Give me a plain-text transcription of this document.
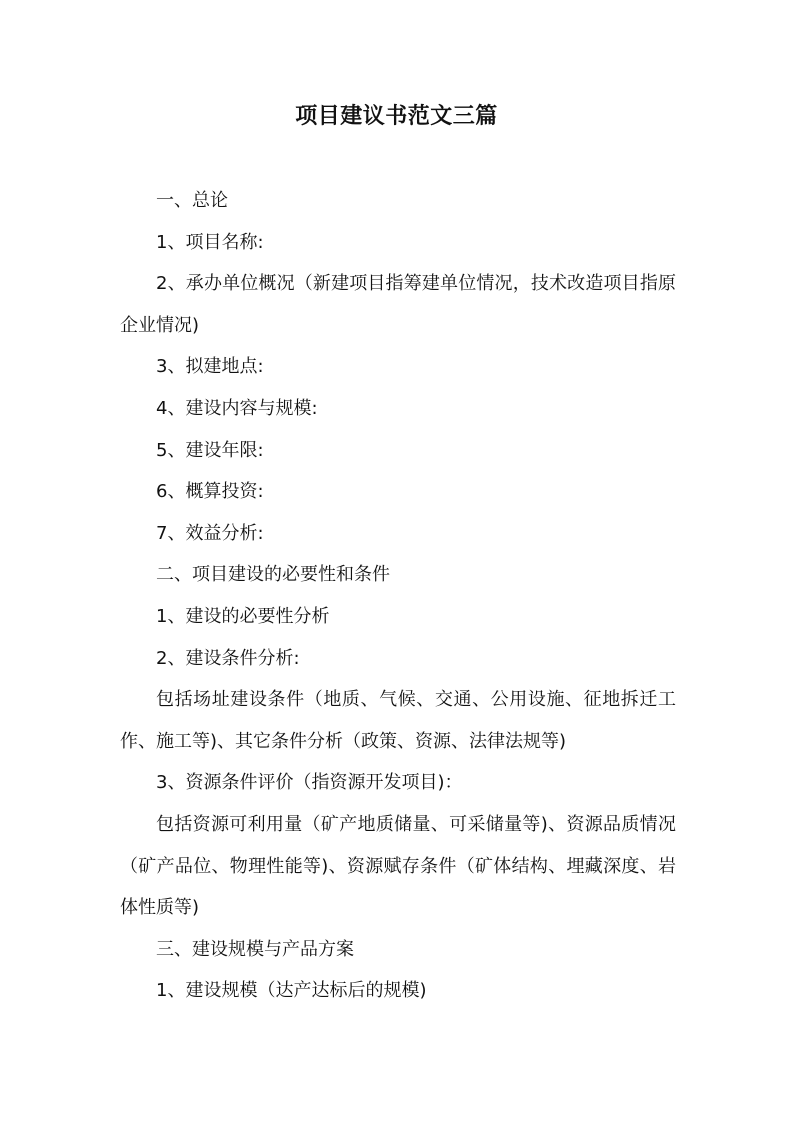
项目建议书范文三篇

一、总论

1、项目名称:

2、承办单位概况（新建项目指筹建单位情况，技术改造项目指原企业情况)

3、拟建地点:

4、建设内容与规模:

5、建设年限:

6、概算投资:

7、效益分析:

二、项目建设的必要性和条件

1、建设的必要性分析

2、建设条件分析:

包括场址建设条件（地质、气候、交通、公用设施、征地拆迁工作、施工等)、其它条件分析（政策、资源、法律法规等)

3、资源条件评价（指资源开发项目)：

包括资源可利用量（矿产地质储量、可采储量等)、资源品质情况（矿产品位、物理性能等)、资源赋存条件（矿体结构、埋藏深度、岩体性质等)

三、建设规模与产品方案

1、建设规模（达产达标后的规模)
